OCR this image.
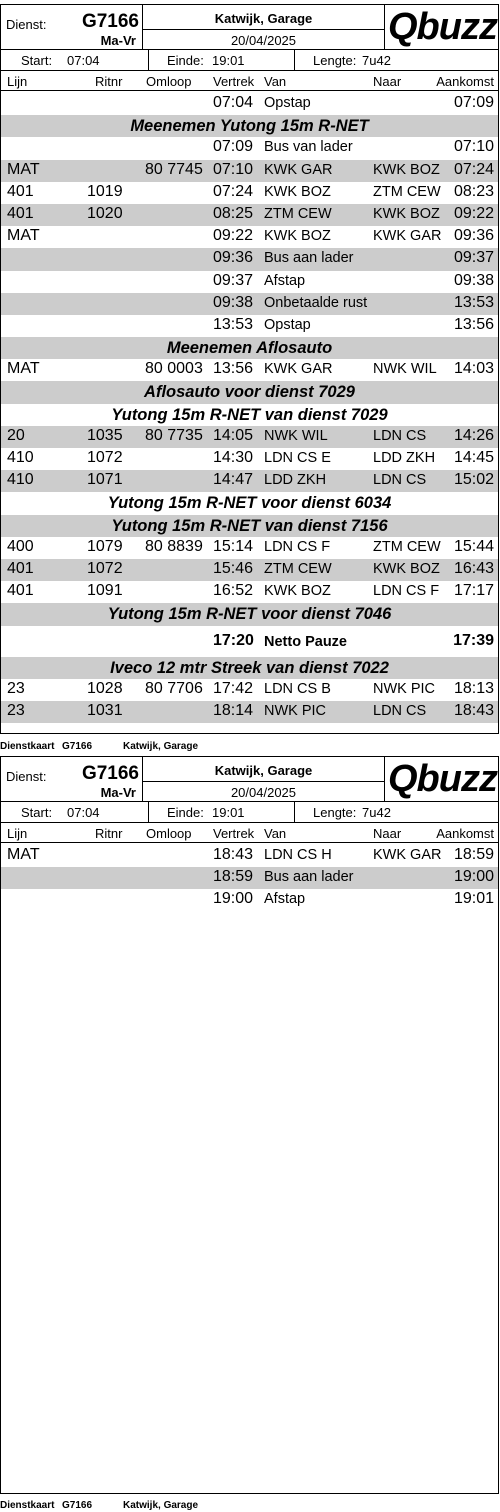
Dienst: G7166
Ma-Vr
Katwijk, Garage
20/04/2025	Qbuzz
Start: 07:04	Einde: 19:01	Lengte: 7u42
Lijn	Ritnr Omloop Vertrek Van	Naar	Aankomst
07:04 Opstap	07:09
Meenemen Yutong 15m R-NET
07:09 Bus van lader	07:10
MAT	80 7745 07:10 KWK GAR	KWK BOZ 07:24
401	1019	07:24 KWK BOZ	ZTM CEW 08:23
401	1020	08:25 ZTM CEW	KWK BOZ 09:22
MAT	09:22 KWK BOZ	KWK GAR 09:36
09:36 Bus aan lader	09:37
09:37 Afstap	09:38
09:38 Onbetaalde rust	13:53
13:53 Opstap	13:56
Meenemen Aflosauto
MAT	80 0003 13:56 KWK GAR	NWK WIL 14:03
Aflosauto voor dienst 7029
Yutong 15m R-NET van dienst 7029
20	1035 80 7735 14:05 NWK WIL	LDN CS 14:26
410	1072	14:30 LDN CS E	LDD ZKH 14:45
410	1071	14:47 LDD ZKH	LDN CS 15:02
Yutong 15m R-NET voor dienst 6034
Yutong 15m R-NET van dienst 7156
400	1079 80 8839 15:14 LDN CS F	ZTM CEW 15:44
401	1072	15:46 ZTM CEW	KWK BOZ 16:43
401	1091	16:52 KWK BOZ	LDN CS F 17:17
Yutong 15m R-NET voor dienst 7046
17:20 Netto Pauze	17:39
Iveco 12 mtr Streek van dienst 7022
23	1028 80 7706 17:42 LDN CS B	NWK PIC 18:13
23	1031	18:14 NWK PIC	LDN CS 18:43
Dienstkaart G7166	Katwijk, Garage
Dienst: G7166
Ma-Vr
Katwijk, Garage
20/04/2025	Qbuzz
Start: 07:04	Einde: 19:01	Lengte: 7u42
Lijn	Ritnr Omloop Vertrek Van	Naar	Aankomst
MAT	18:43 LDN CS H	KWK GAR 18:59
18:59 Bus aan lader	19:00
19:00 Afstap	19:01
Dienstkaart G7166	Katwijk, Garage
